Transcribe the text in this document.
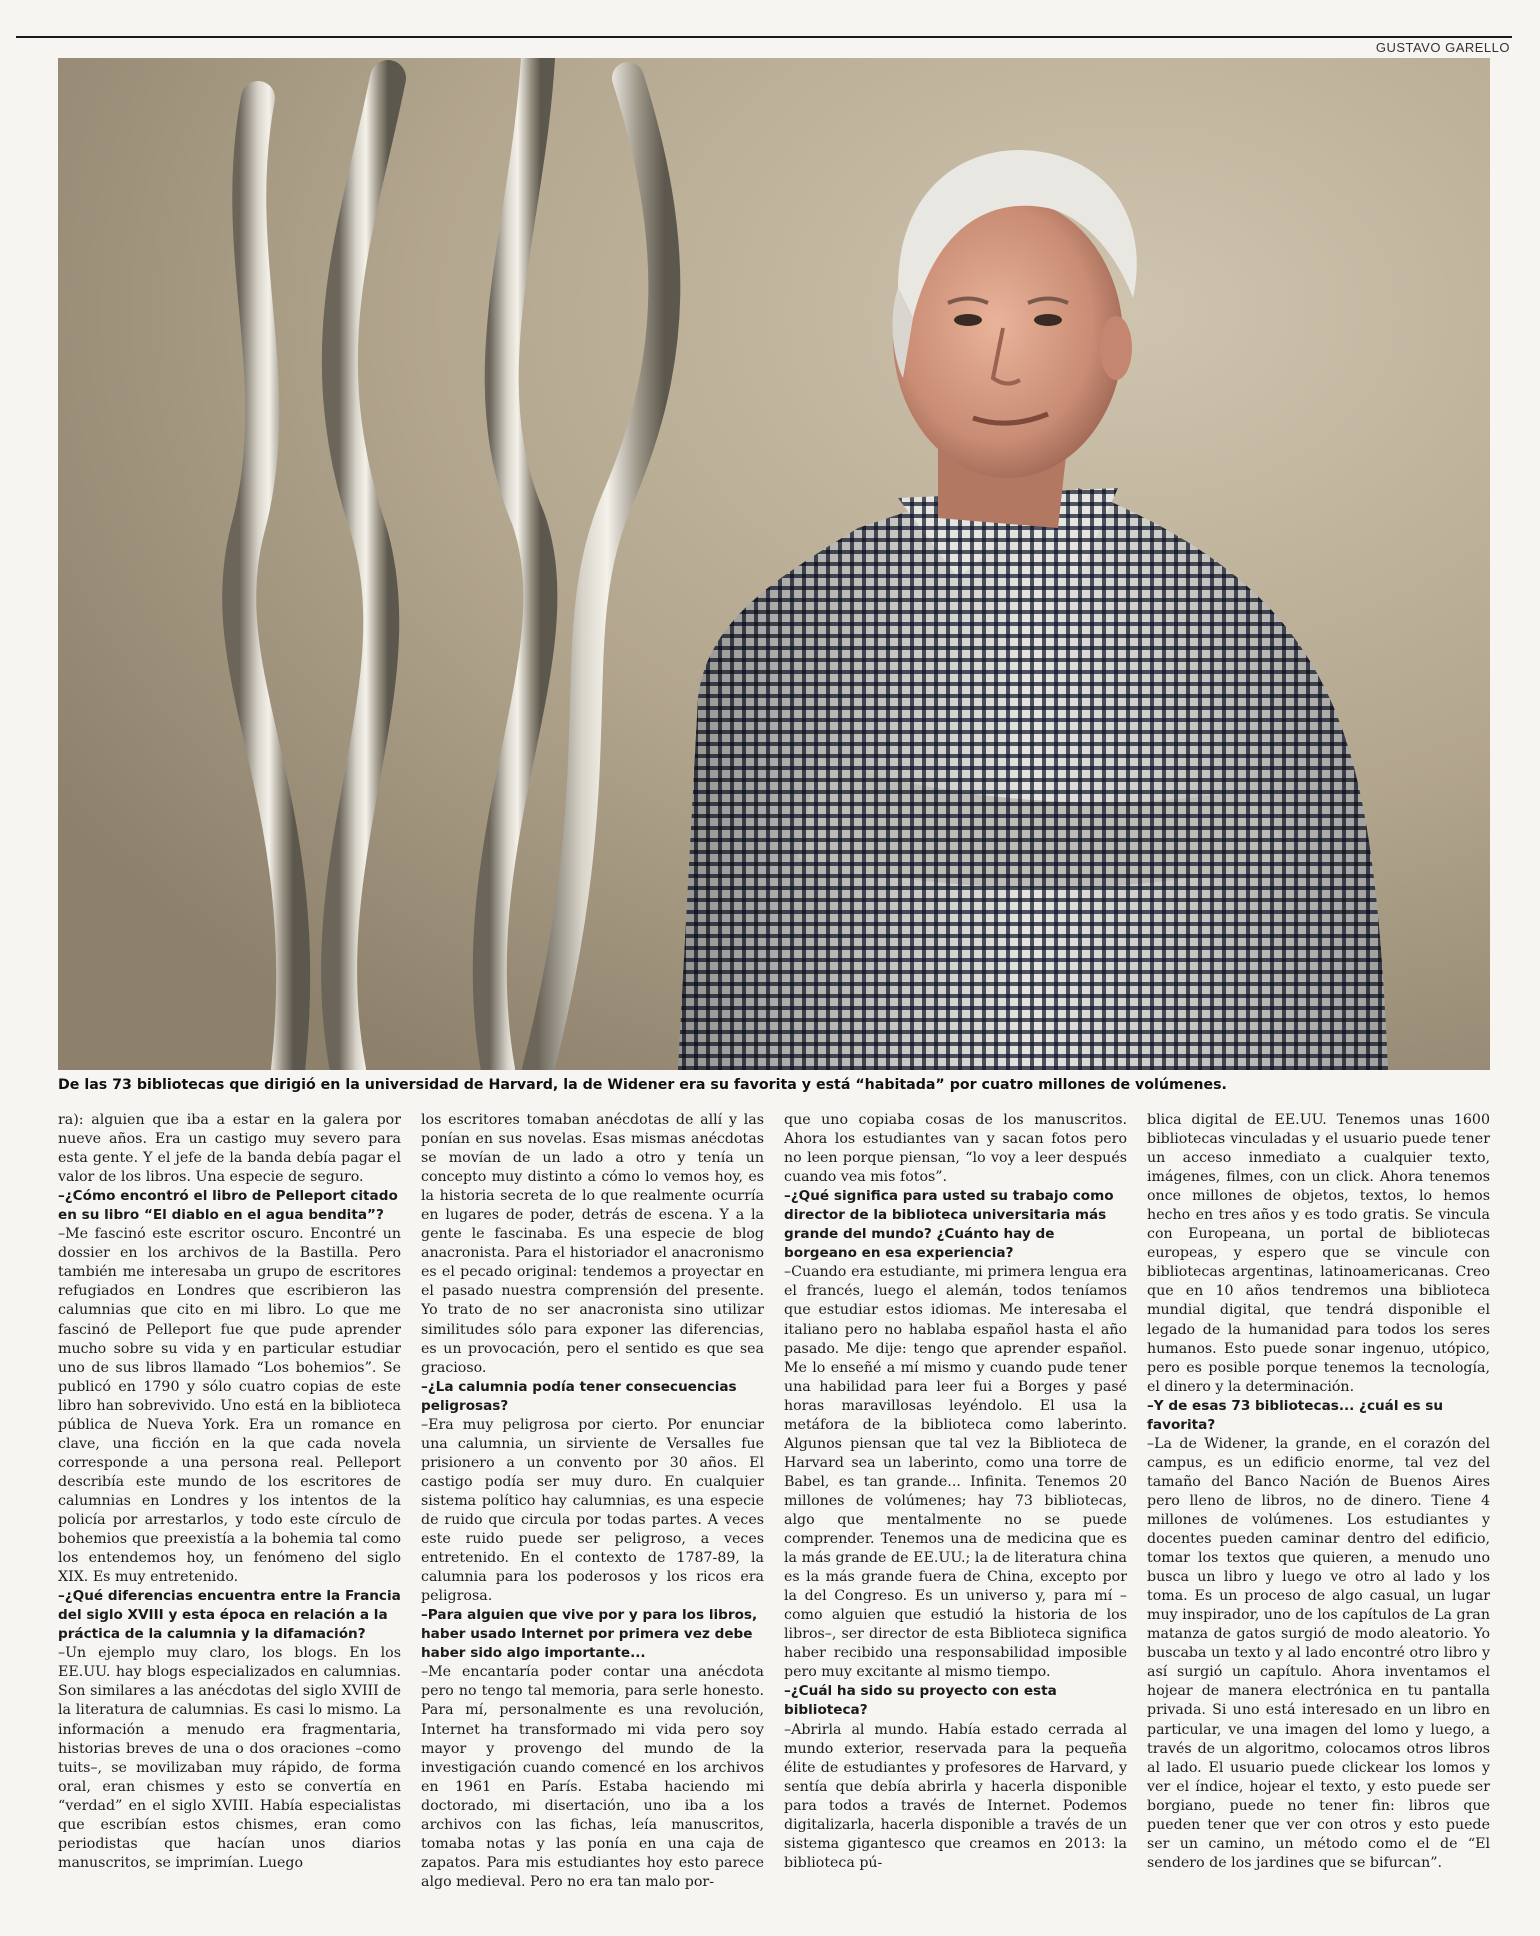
GUSTAVO GARELLO
De las 73 bibliotecas que dirigió en la universidad de Harvard, la de Widener era su favorita y está “habitada” por cuatro millones de volúmenes.

ra): alguien que iba a estar en la galera por nueve años. Era un castigo muy severo para esta gente. Y el jefe de la banda debía pagar el valor de los libros. Una especie de seguro.

–¿Cómo encontró el libro de Pelleport citado en su libro “El diablo en el agua bendita”?

–Me fascinó este escritor oscuro. Encontré un dossier en los archivos de la Bastilla. Pero también me interesaba un grupo de escritores refugiados en Londres que escribieron las calumnias que cito en mi libro. Lo que me fascinó de Pelleport fue que pude aprender mucho sobre su vida y en particular estudiar uno de sus libros llamado “Los bohemios”. Se publicó en 1790 y sólo cuatro copias de este libro han sobrevivido. Uno está en la biblioteca pública de Nueva York. Era un romance en clave, una ficción en la que cada novela corresponde a una persona real. Pelleport describía este mundo de los escritores de calumnias en Londres y los intentos de la policía por arrestarlos, y todo este círculo de bohemios que preexistía a la bohemia tal como los entendemos hoy, un fenómeno del siglo XIX. Es muy entretenido.

–¿Qué diferencias encuentra entre la Francia del siglo XVIII y esta época en relación a la práctica de la calumnia y la difamación?

–Un ejemplo muy claro, los blogs. En los EE.UU. hay blogs especializados en calumnias. Son similares a las anécdotas del siglo XVIII de la literatura de calumnias. Es casi lo mismo. La información a menudo era fragmentaria, historias breves de una o dos oraciones –como tuits–, se movilizaban muy rápido, de forma oral, eran chismes y esto se convertía en “verdad” en el siglo XVIII. Había especialistas que escribían estos chismes, eran como periodistas que hacían unos diarios manuscritos, se imprimían. Luego

los escritores tomaban anécdotas de allí y las ponían en sus novelas. Esas mismas anécdotas se movían de un lado a otro y tenía un concepto muy distinto a cómo lo vemos hoy, es la historia secreta de lo que realmente ocurría en lugares de poder, detrás de escena. Y a la gente le fascinaba. Es una especie de blog anacronista. Para el historiador el anacronismo es el pecado original: tendemos a proyectar en el pasado nuestra comprensión del presente. Yo trato de no ser anacronista sino utilizar similitudes sólo para exponer las diferencias, es un provocación, pero el sentido es que sea gracioso.

–¿La calumnia podía tener consecuencias peligrosas?

–Era muy peligrosa por cierto. Por enunciar una calumnia, un sirviente de Versalles fue prisionero a un convento por 30 años. El castigo podía ser muy duro. En cualquier sistema político hay calumnias, es una especie de ruido que circula por todas partes. A veces este ruido puede ser peligroso, a veces entretenido. En el contexto de 1787-89, la calumnia para los poderosos y los ricos era peligrosa.

–Para alguien que vive por y para los libros, haber usado Internet por primera vez debe haber sido algo importante...

–Me encantaría poder contar una anécdota pero no tengo tal memoria, para serle honesto. Para mí, personalmente es una revolución, Internet ha transformado mi vida pero soy mayor y provengo del mundo de la investigación cuando comencé en los archivos en 1961 en París. Estaba haciendo mi doctorado, mi disertación, uno iba a los archivos con las fichas, leía manuscritos, tomaba notas y las ponía en una caja de zapatos. Para mis estudiantes hoy esto parece algo medieval. Pero no era tan malo por-

que uno copiaba cosas de los manuscritos. Ahora los estudiantes van y sacan fotos pero no leen porque piensan, “lo voy a leer después cuando vea mis fotos”.

–¿Qué significa para usted su trabajo como director de la biblioteca universitaria más grande del mundo? ¿Cuánto hay de borgeano en esa experiencia?

–Cuando era estudiante, mi primera lengua era el francés, luego el alemán, todos teníamos que estudiar estos idiomas. Me interesaba el italiano pero no hablaba español hasta el año pasado. Me dije: tengo que aprender español. Me lo enseñé a mí mismo y cuando pude tener una habilidad para leer fui a Borges y pasé horas maravillosas leyéndolo. El usa la metáfora de la biblioteca como laberinto. Algunos piensan que tal vez la Biblioteca de Harvard sea un laberinto, como una torre de Babel, es tan grande... Infinita. Tenemos 20 millones de volúmenes; hay 73 bibliotecas, algo que mentalmente no se puede comprender. Tenemos una de medicina que es la más grande de EE.UU.; la de literatura china es la más grande fuera de China, excepto por la del Congreso. Es un universo y, para mí –como alguien que estudió la historia de los libros–, ser director de esta Biblioteca significa haber recibido una responsabilidad imposible pero muy excitante al mismo tiempo.

–¿Cuál ha sido su proyecto con esta biblioteca?

–Abrirla al mundo. Había estado cerrada al mundo exterior, reservada para la pequeña élite de estudiantes y profesores de Harvard, y sentía que debía abrirla y hacerla disponible para todos a través de Internet. Podemos digitalizarla, hacerla disponible a través de un sistema gigantesco que creamos en 2013: la biblioteca pú-

blica digital de EE.UU. Tenemos unas 1600 bibliotecas vinculadas y el usuario puede tener un acceso inmediato a cualquier texto, imágenes, filmes, con un click. Ahora tenemos once millones de objetos, textos, lo hemos hecho en tres años y es todo gratis. Se vincula con Europeana, un portal de bibliotecas europeas, y espero que se vincule con bibliotecas argentinas, latinoamericanas. Creo que en 10 años tendremos una biblioteca mundial digital, que tendrá disponible el legado de la humanidad para todos los seres humanos. Esto puede sonar ingenuo, utópico, pero es posible porque tenemos la tecnología, el dinero y la determinación.

–Y de esas 73 bibliotecas... ¿cuál es su favorita?

–La de Widener, la grande, en el corazón del campus, es un edificio enorme, tal vez del tamaño del Banco Nación de Buenos Aires pero lleno de libros, no de dinero. Tiene 4 millones de volúmenes. Los estudiantes y docentes pueden caminar dentro del edificio, tomar los textos que quieren, a menudo uno busca un libro y luego ve otro al lado y los toma. Es un proceso de algo casual, un lugar muy inspirador, uno de los capítulos de La gran matanza de gatos surgió de modo aleatorio. Yo buscaba un texto y al lado encontré otro libro y así surgió un capítulo. Ahora inventamos el hojear de manera electrónica en tu pantalla privada. Si uno está interesado en un libro en particular, ve una imagen del lomo y luego, a través de un algoritmo, colocamos otros libros al lado. El usuario puede clickear los lomos y ver el índice, hojear el texto, y esto puede ser borgiano, puede no tener fin: libros que pueden tener que ver con otros y esto puede ser un camino, un método como el de “El sendero de los jardines que se bifurcan”.
